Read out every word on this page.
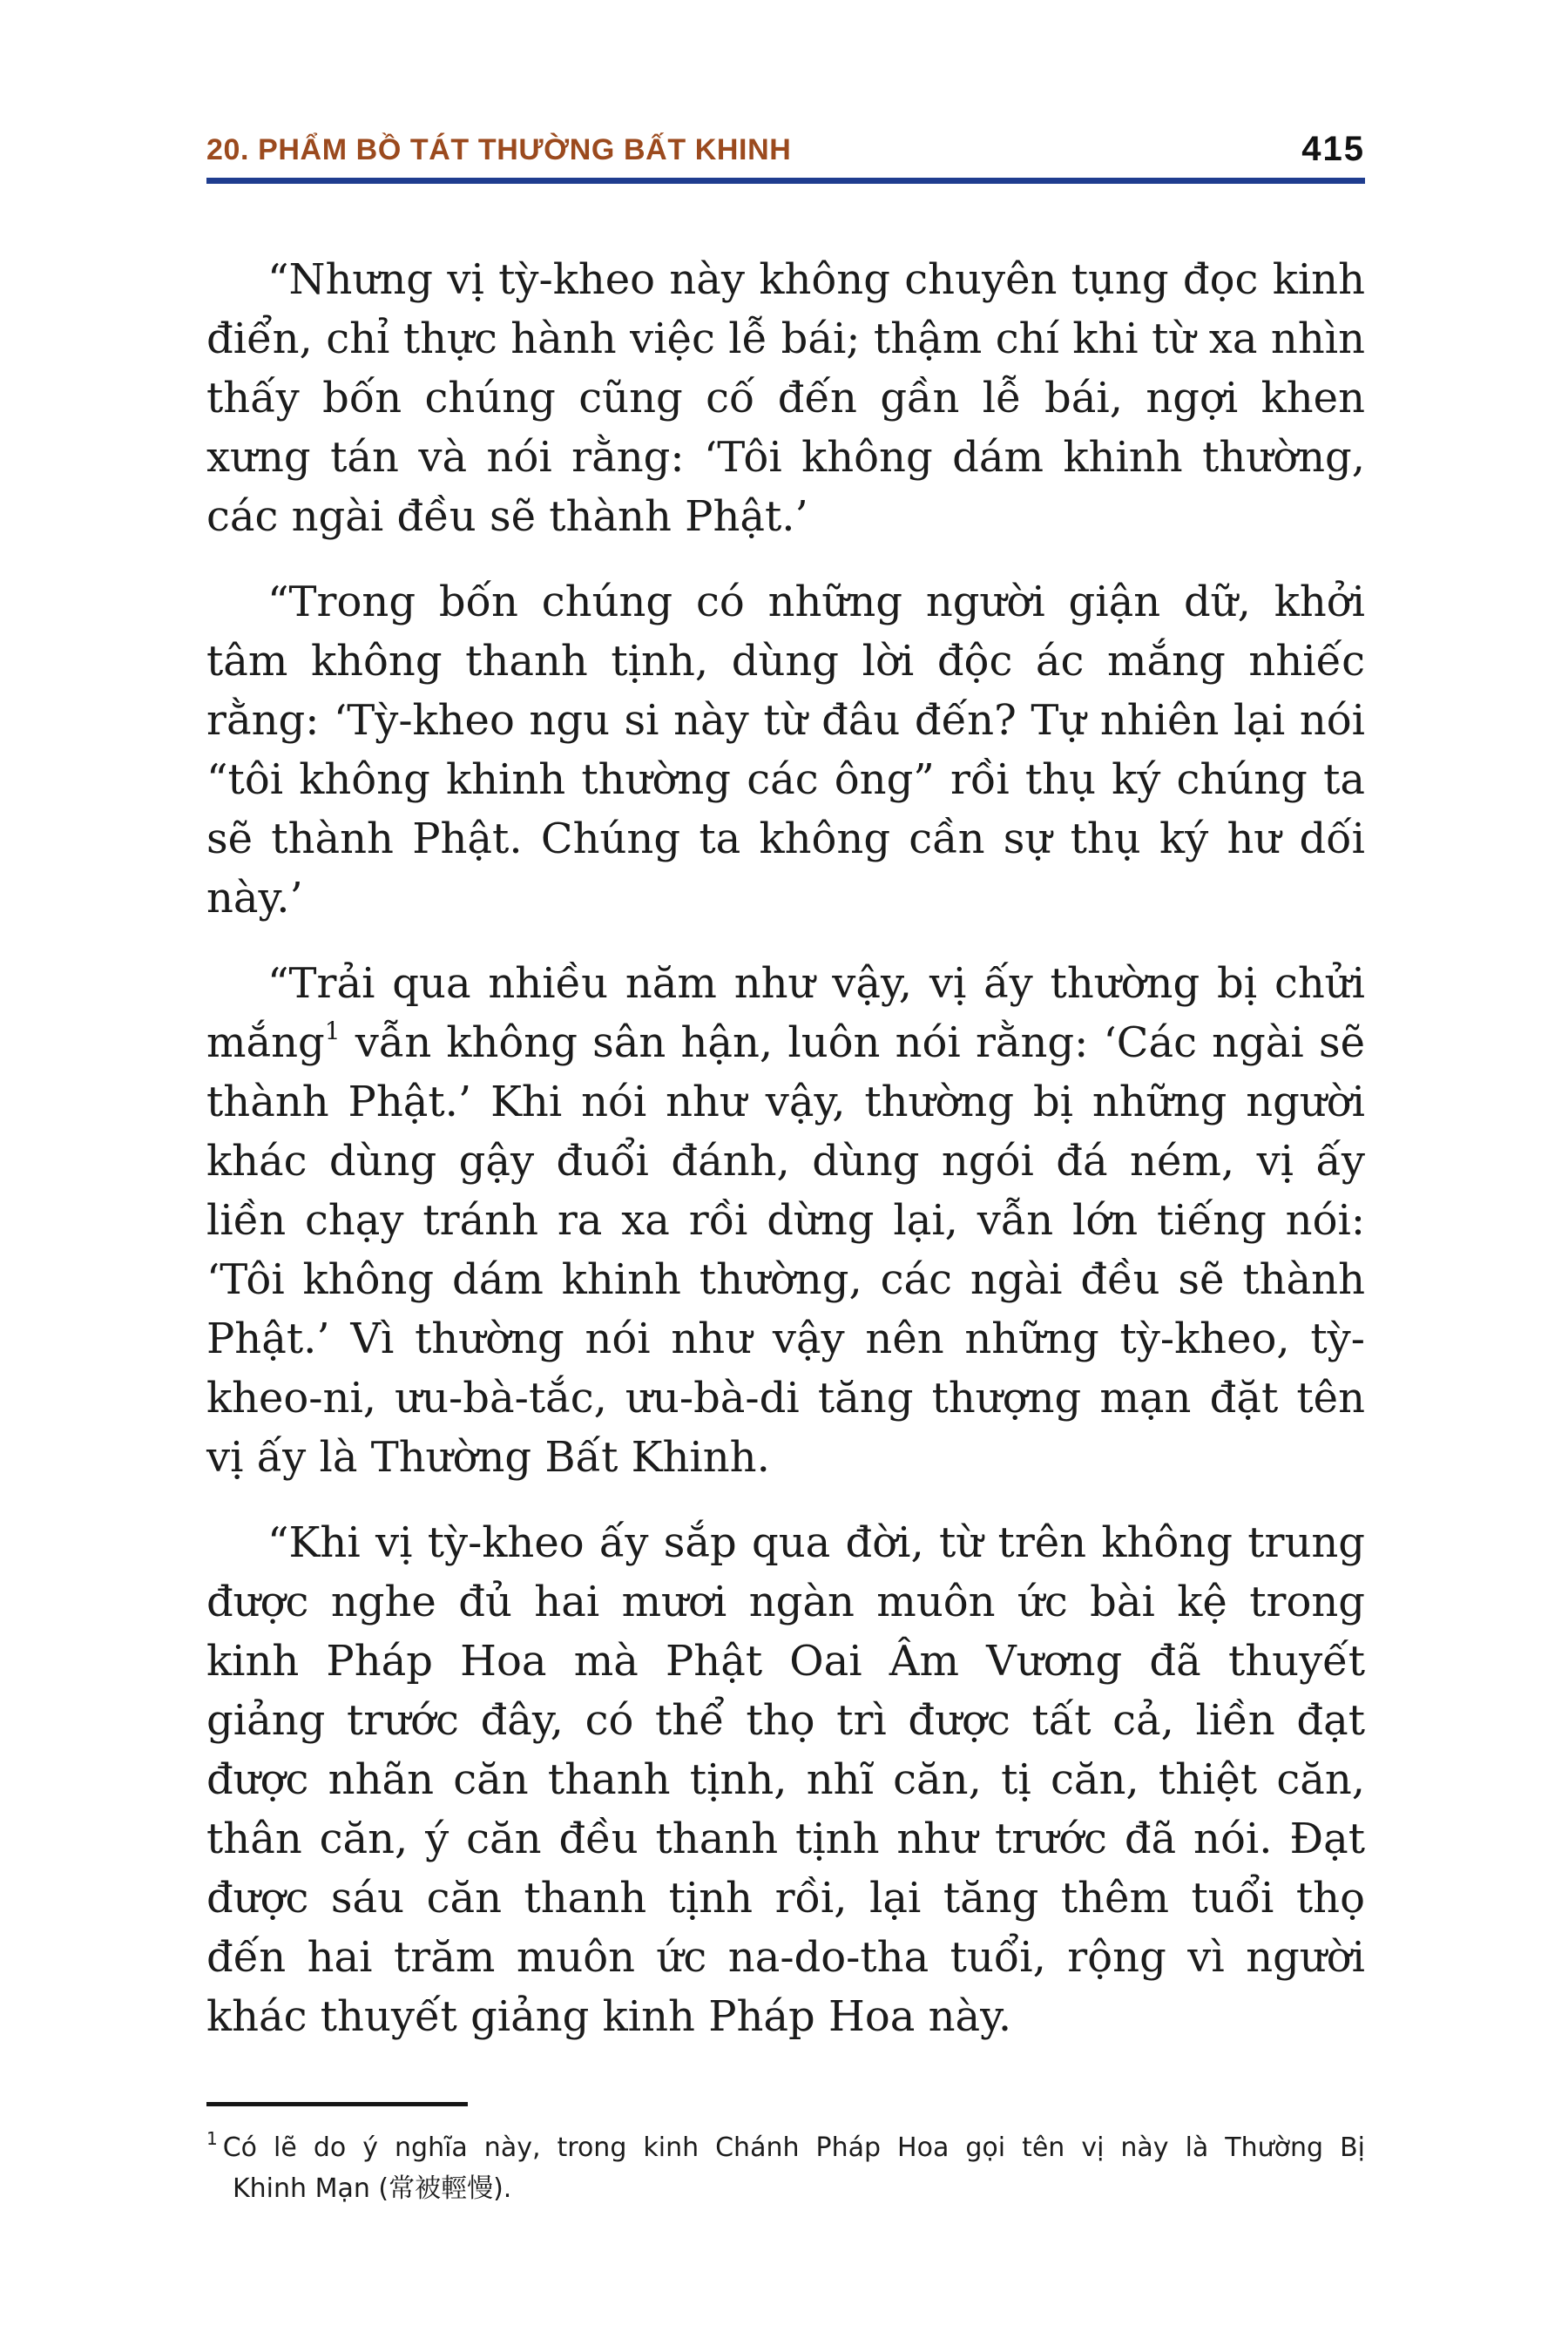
20. PHẨM BỒ TÁT THƯỜNG BẤT KHINH	415

“Nhưng vị tỳ-kheo này không chuyên tụng đọc kinh điển, chỉ thực hành việc lễ bái; thậm chí khi từ xa nhìn thấy bốn chúng cũng cố đến gần lễ bái, ngợi khen xưng tán và nói rằng: ‘Tôi không dám khinh thường, các ngài đều sẽ thành Phật.’

“Trong bốn chúng có những người giận dữ, khởi tâm không thanh tịnh, dùng lời độc ác mắng nhiếc rằng: ‘Tỳ-kheo ngu si này từ đâu đến? Tự nhiên lại nói “tôi không khinh thường các ông” rồi thụ ký chúng ta sẽ thành Phật. Chúng ta không cần sự thụ ký hư dối này.’

“Trải qua nhiều năm như vậy, vị ấy thường bị chửi mắng$^1$ vẫn không sân hận, luôn nói rằng: ‘Các ngài sẽ thành Phật.’ Khi nói như vậy, thường bị những người khác dùng gậy đuổi đánh, dùng ngói đá ném, vị ấy liền chạy tránh ra xa rồi dừng lại, vẫn lớn tiếng nói: ‘Tôi không dám khinh thường, các ngài đều sẽ thành Phật.’ Vì thường nói như vậy nên những tỳ-kheo, tỳ-kheo-ni, ưu-bà-tắc, ưu-bà-di tăng thượng mạn đặt tên vị ấy là Thường Bất Khinh.

“Khi vị tỳ-kheo ấy sắp qua đời, từ trên không trung được nghe đủ hai mươi ngàn muôn ức bài kệ trong kinh Pháp Hoa mà Phật Oai Âm Vương đã thuyết giảng trước đây, có thể thọ trì được tất cả, liền đạt được nhãn căn thanh tịnh, nhĩ căn, tị căn, thiệt căn, thân căn, ý căn đều thanh tịnh như trước đã nói. Đạt được sáu căn thanh tịnh rồi, lại tăng thêm tuổi thọ đến hai trăm muôn ức na-do-tha tuổi, rộng vì người khác thuyết giảng kinh Pháp Hoa này.

$^1$ Có lẽ do ý nghĩa này, trong kinh Chánh Pháp Hoa gọi tên vị này là Thường Bị
Khinh Mạn (常被輕慢).
